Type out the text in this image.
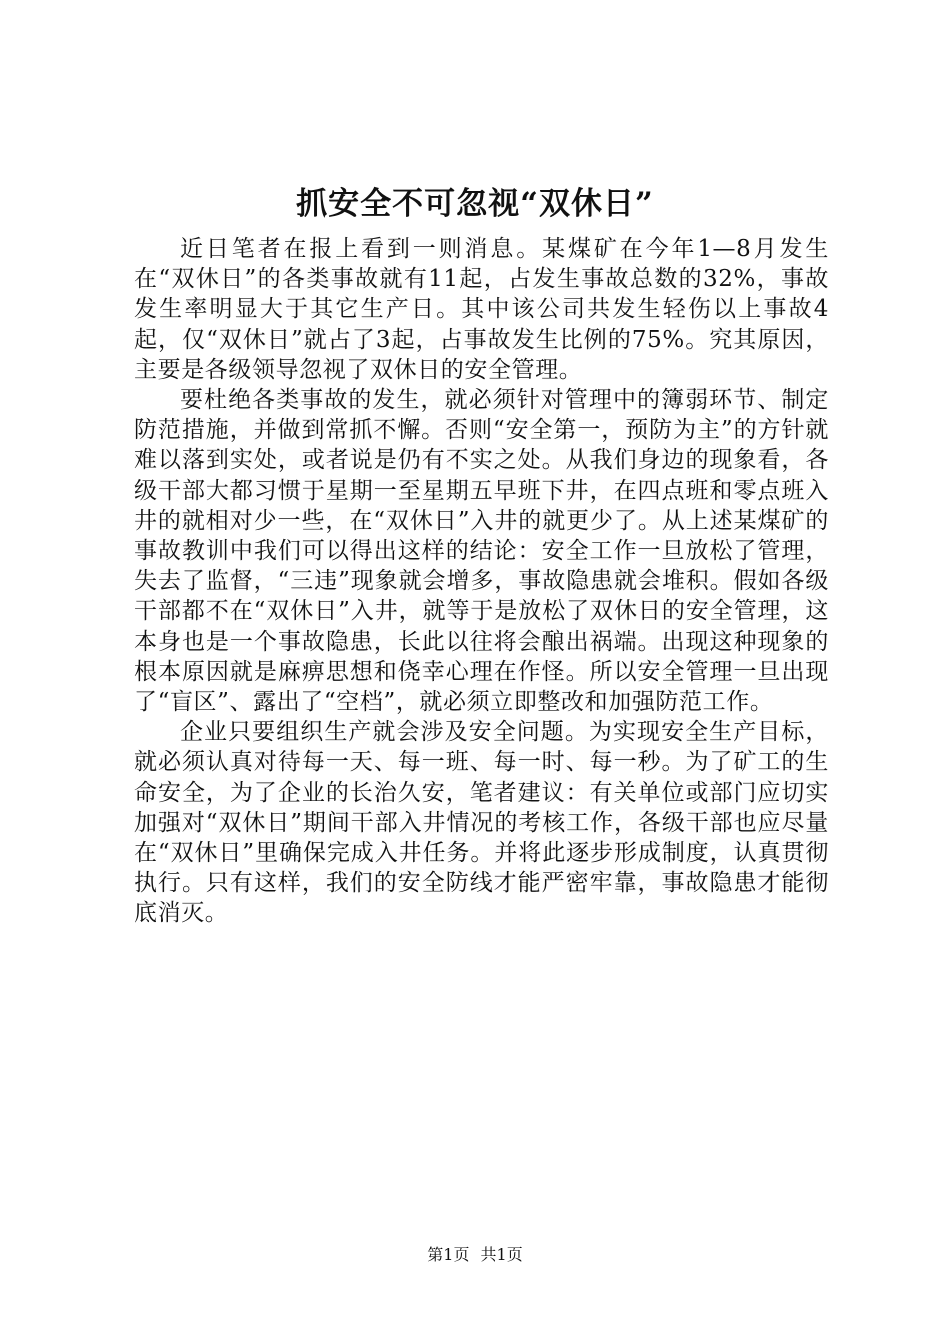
抓安全不可忽视“双休日”

近日笔者在报上看到一则消息。某煤矿在今年1—8月发生在“双休日”的各类事故就有11起，占发生事故总数的32%，事故发生率明显大于其它生产日。其中该公司共发生轻伤以上事故4起，仅“双休日”就占了3起，占事故发生比例的75%。究其原因，主要是各级领导忽视了双休日的安全管理。

要杜绝各类事故的发生，就必须针对管理中的簿弱环节、制定防范措施，并做到常抓不懈。否则“安全第一，预防为主”的方针就难以落到实处，或者说是仍有不实之处。从我们身边的现象看，各级干部大都习惯于星期一至星期五早班下井，在四点班和零点班入井的就相对少一些，在“双休日”入井的就更少了。从上述某煤矿的事故教训中我们可以得出这样的结论：安全工作一旦放松了管理，失去了监督，“三违”现象就会增多，事故隐患就会堆积。假如各级干部都不在“双休日”入井，就等于是放松了双休日的安全管理，这本身也是一个事故隐患，长此以往将会酿出祸端。出现这种现象的根本原因就是麻痹思想和侥幸心理在作怪。所以安全管理一旦出现了“盲区”、露出了“空档”，就必须立即整改和加强防范工作。

企业只要组织生产就会涉及安全问题。为实现安全生产目标，就必须认真对待每一天、每一班、每一时、每一秒。为了矿工的生命安全，为了企业的长治久安，笔者建议：有关单位或部门应切实加强对“双休日”期间干部入井情况的考核工作，各级干部也应尽量在“双休日”里确保完成入井任务。并将此逐步形成制度，认真贯彻执行。只有这样，我们的安全防线才能严密牢靠，事故隐患才能彻底消灭。

第1页 共1页
